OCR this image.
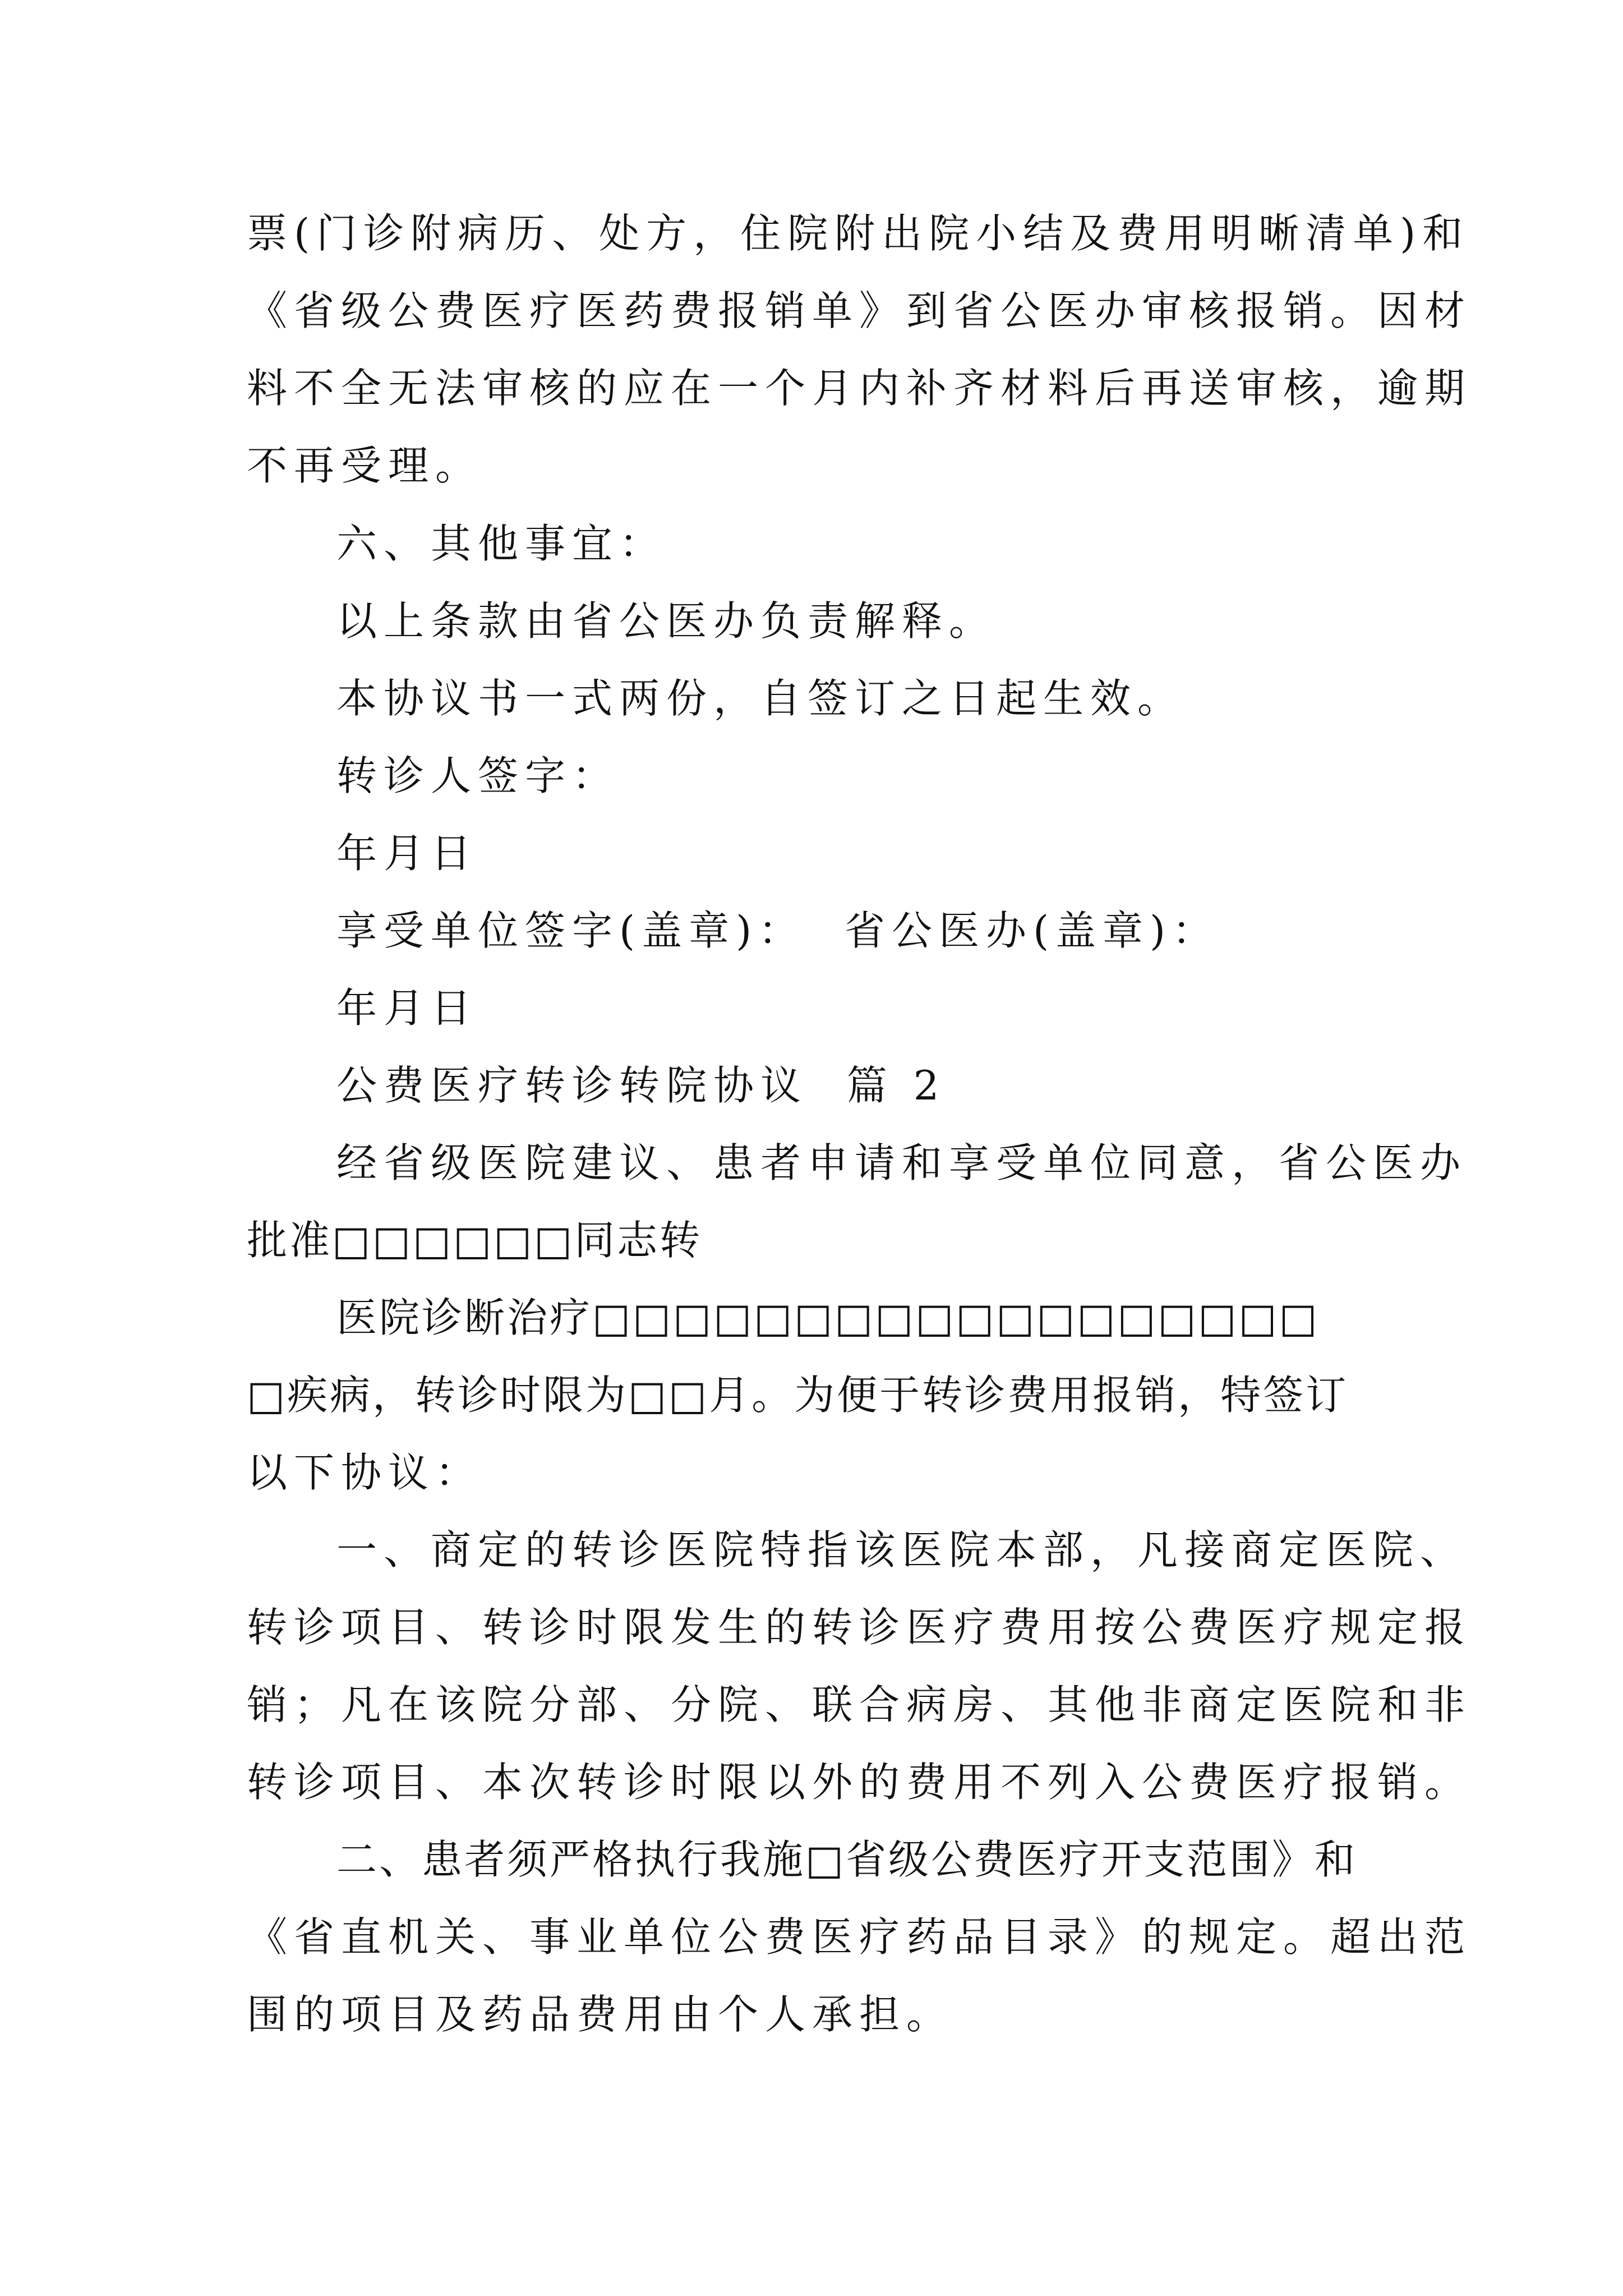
票(门诊附病历、处方，住院附出院小结及费用明晰清单)和
《省级公费医疗医药费报销单》到省公医办审核报销。因材
料不全无法审核的应在一个月内补齐材料后再送审核，逾期
不再受理。
六、其他事宜：
以上条款由省公医办负责解释。
本协议书一式两份，自签订之日起生效。
转诊人签字：
年月日
享受单位签字(盖章)：  省公医办(盖章)：
年月日
公费医疗转诊转院协议  篇 2
经省级医院建议、患者申请和享受单位同意，省公医办
批准□□□□□□同志转
医院诊断治疗□□□□□□□□□□□□□□□□□□
□疾病，转诊时限为□□月。为便于转诊费用报销，特签订
以下协议：
一、商定的转诊医院特指该医院本部，凡接商定医院、
转诊项目、转诊时限发生的转诊医疗费用按公费医疗规定报
销；凡在该院分部、分院、联合病房、其他非商定医院和非
转诊项目、本次转诊时限以外的费用不列入公费医疗报销。
二、患者须严格执行我施□省级公费医疗开支范围》和
《省直机关、事业单位公费医疗药品目录》的规定。超出范
围的项目及药品费用由个人承担。
